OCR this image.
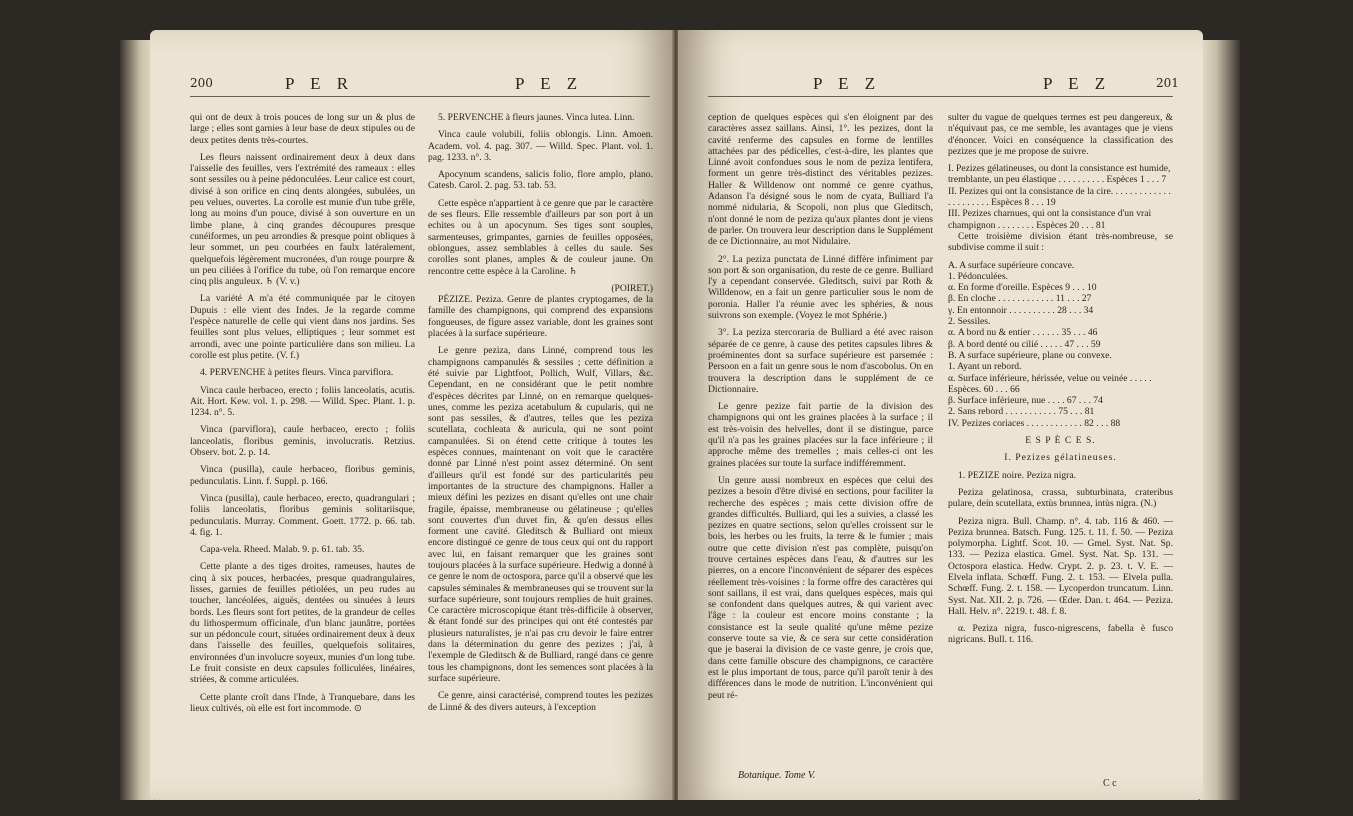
200	P E R	P E Z

qui ont de deux à trois pouces de long sur un & plus de large ; elles sont garnies à leur base de deux stipules ou de deux petites dents très-courtes.

Les fleurs naissent ordinairement deux à deux dans l'aisselle des feuilles, vers l'extrémité des rameaux : elles sont sessiles ou à peine pédonculées. Leur calice est court, divisé à son orifice en cinq dents alongées, subulées, un peu velues, ouvertes. La corolle est munie d'un tube grêle, long au moins d'un pouce, divisé à son ouverture en un limbe plane, à cinq grandes découpures presque cunéiformes, un peu arrondies & presque point obliques à leur sommet, un peu courbées en faulx latéralement, quelquefois légèrement mucronées, d'un rouge pourpre & un peu ciliées à l'orifice du tube, où l'on remarque encore cinq plis anguleux. ♄ (V. v.)

La variété A m'a été communiquée par le citoyen Dupuis : elle vient des Indes. Je la regarde comme l'espèce naturelle de celle qui vient dans nos jardins. Ses feuilles sont plus velues, elliptiques ; leur sommet est arrondi, avec une pointe particulière dans son milieu. La corolle est plus petite. (V. f.)

4. PERVENCHE à petites fleurs. Vinca parviflora.

Vinca caule herbaceo, erecto ; foliis lanceolatis, acutis. Ait. Hort. Kew. vol. 1. p. 298. — Willd. Spec. Plant. 1. p. 1234. n°. 5.

Vinca (parviflora), caule herbaceo, erecto ; foliis lanceolatis, floribus geminis, involucratis. Retzius. Observ. bot. 2. p. 14.

Vinca (pusilla), caule herbaceo, floribus geminis, pedunculatis. Linn. f. Suppl. p. 166.

Vinca (pusilla), caule herbaceo, erecto, quadrangulari ; foliis lanceolatis, floribus geminis solitariisque, pedunculatis. Murray. Comment. Goett. 1772. p. 66. tab. 4. fig. 1.

Capa-vela. Rheed. Malab. 9. p. 61. tab. 35.

Cette plante a des tiges droites, rameuses, hautes de cinq à six pouces, herbacées, presque quadrangulaires, lisses, garnies de feuilles pétiolées, un peu rudes au toucher, lancéolées, aiguës, dentées ou sinuées à leurs bords. Les fleurs sont fort petites, de la grandeur de celles du lithospermum officinale, d'un blanc jaunâtre, portées sur un pédoncule court, situées ordinairement deux à deux dans l'aisselle des feuilles, quelquefois solitaires, environnées d'un involucre soyeux, munies d'un long tube. Le fruit consiste en deux capsules folliculées, linéaires, striées, & comme articulées.

Cette plante croît dans l'Inde, à Tranquebare, dans les lieux cultivés, où elle est fort incommode. ⊙

5. PERVENCHE à fleurs jaunes. Vinca lutea. Linn.

Vinca caule volubili, foliis oblongis. Linn. Amoen. Academ. vol. 4. pag. 307. — Willd. Spec. Plant. vol. 1. pag. 1233. n°. 3.

Apocynum scandens, salicis folio, flore amplo, plano. Catesb. Carol. 2. pag. 53. tab. 53.

Cette espèce n'appartient à ce genre que par le caractère de ses fleurs. Elle ressemble d'ailleurs par son port à un echites ou à un apocynum. Ses tiges sont souples, sarmenteuses, grimpantes, garnies de feuilles opposées, oblongues, assez semblables à celles du saule. Ses corolles sont planes, amples & de couleur jaune. On rencontre cette espèce à la Caroline. ♄

(POIRET.)

PÉZIZE. Peziza. Genre de plantes cryptogames, de la famille des champignons, qui comprend des expansions fongueuses, de figure assez variable, dont les graines sont placées à la surface supérieure.

Le genre peziza, dans Linné, comprend tous les champignons campanulés & sessiles ; cette définition a été suivie par Lightfoot, Pollich, Wulf, Villars, &c. Cependant, en ne considérant que le petit nombre d'espèces décrites par Linné, on en remarque quelques-unes, comme les peziza acetabulum & cupularis, qui ne sont pas sessiles, & d'autres, telles que les peziza scutellata, cochleata & auricula, qui ne sont point campanulées. Si on étend cette critique à toutes les espèces connues, maintenant on voit que le caractère donné par Linné n'est point assez déterminé. On sent d'ailleurs qu'il est fondé sur des particularités peu importantes de la structure des champignons. Haller a mieux défini les pezizes en disant qu'elles ont une chair fragile, épaisse, membraneuse ou gélatineuse ; qu'elles sont couvertes d'un duvet fin, & qu'en dessus elles forment une cavité. Gleditsch & Bulliard ont mieux encore distingué ce genre de tous ceux qui ont du rapport avec lui, en faisant remarquer que les graines sont toujours placées à la surface supérieure. Hedwig a donné à ce genre le nom de octospora, parce qu'il a observé que les capsules séminales & membraneuses qui se trouvent sur la surface supérieure, sont toujours remplies de huit graines. Ce caractère microscopique étant très-difficile à observer, & étant fondé sur des principes qui ont été contestés par plusieurs naturalistes, je n'ai pas cru devoir le faire entrer dans la détermination du genre des pezizes ; j'ai, à l'exemple de Gleditsch & de Bulliard, rangé dans ce genre tous les champignons, dont les semences sont placées à la surface supérieure.

Ce genre, ainsi caractérisé, comprend toutes les pezizes de Linné & des divers auteurs, à l'exception

P E Z	P E Z	201

ception de quelques espèces qui s'en éloignent par des caractères assez saillans. Ainsi, 1°. les pezizes, dont la cavité renferme des capsules en forme de lentilles attachées par des pédicelles, c'est-à-dire, les plantes que Linné avoit confondues sous le nom de peziza lentifera, forment un genre très-distinct des véritables pezizes. Haller & Willdenow ont nommé ce genre cyathus, Adanson l'a désigné sous le nom de cyata, Bulliard l'a nommé nidularia, & Scopoli, non plus que Gleditsch, n'ont donné le nom de peziza qu'aux plantes dont je viens de parler. On trouvera leur description dans le Supplément de ce Dictionnaire, au mot Nidulaire.

2°. La peziza punctata de Linné diffère infiniment par son port & son organisation, du reste de ce genre. Bulliard l'y a cependant conservée. Gleditsch, suivi par Roth & Willdenow, en a fait un genre particulier sous le nom de poronia. Haller l'a réunie avec les sphéries, & nous suivrons son exemple. (Voyez le mot Sphérie.)

3°. La peziza stercoraria de Bulliard a été avec raison séparée de ce genre, à cause des petites capsules libres & proéminentes dont sa surface supérieure est parsemée : Persoon en a fait un genre sous le nom d'ascobolus. On en trouvera la description dans le supplément de ce Dictionnaire.

Le genre pezize fait partie de la division des champignons qui ont les graines placées à la surface ; il est très-voisin des helvelles, dont il se distingue, parce qu'il n'a pas les graines placées sur la face inférieure ; il approche même des tremelles ; mais celles-ci ont les graines placées sur toute la surface indifféremment.

Un genre aussi nombreux en espèces que celui des pezizes a besoin d'être divisé en sections, pour faciliter la recherche des espèces ; mais cette division offre de grandes difficultés. Bulliard, qui les a suivies, a classé les pezizes en quatre sections, selon qu'elles croissent sur le bois, les herbes ou les fruits, la terre & le fumier ; mais outre que cette division n'est pas complète, puisqu'on trouve certaines espèces dans l'eau, & d'autres sur les pierres, on a encore l'inconvénient de séparer des espèces réellement très-voisines : la forme offre des caractères qui sont saillans, il est vrai, dans quelques espèces, mais qui se confondent dans quelques autres, & qui varient avec l'âge : la couleur est encore moins constante ; la consistance est la seule qualité qu'une même pezize conserve toute sa vie, & ce sera sur cette considération que je baserai la division de ce vaste genre, je crois que, dans cette famille obscure des champignons, ce caractère est le plus important de tous, parce qu'il paroît tenir à des différences dans le mode de nutrition. L'inconvénient qui peut ré-

sulter du vague de quelques termes est peu dangereux, & n'équivaut pas, ce me semble, les avantages que je viens d'énoncer. Voici en conséquence la classification des pezizes que je me propose de suivre.

I. Pezizes gélatineuses, ou dont la consistance est humide, tremblante, un peu élastique . . . . . . . . . . Espèces 1 . . . 7

II. Pezizes qui ont la consistance de la cire. . . . . . . . . . . . . . . . . . . . . . Espèces 8 . . . 19

III. Pezizes charnues, qui ont la consistance d'un vrai champignon . . . . . . . . Espèces 20 . . . 81

Cette troisième division étant très-nombreuse, se subdivise comme il suit :

A. A surface supérieure concave.

1. Pédonculées.

α. En forme d'oreille. Espèces 9 . . . 10

β. En cloche . . . . . . . . . . . . 11 . . . 27

γ. En entonnoir . . . . . . . . . . 28 . . . 34

2. Sessiles.

α. A bord nu & entier . . . . . . 35 . . . 46

β. A bord denté ou cilié . . . . . 47 . . . 59

B. A surface supérieure, plane ou convexe.

1. Ayant un rebord.

α. Surface inférieure, hérissée, velue ou veinée . . . . . Espèces. 60 . . . 66

β. Surface inférieure, nue . . . . 67 . . . 74

2. Sans rebord . . . . . . . . . . . 75 . . . 81

IV. Pezizes coriaces . . . . . . . . . . . . 82 . . . 88

E S P È C E S.

I. Pezizes gélatineuses.

1. PEZIZE noire. Peziza nigra.

Peziza gelatinosa, crassa, subturbinata, crateribus pulare, deín scutellata, extùs brunnea, intùs nigra. (N.)

Peziza nigra. Bull. Champ. n°. 4. tab. 116 & 460. — Peziza brunnea. Batsch. Fung. 125. t. 11. f. 50. — Peziza polymorpha. Lightf. Scot. 10. — Gmel. Syst. Nat. Sp. 133. — Peziza elastica. Gmel. Syst. Nat. Sp. 131. — Octospora elastica. Hedw. Crypt. 2. p. 23. t. V. E. — Elvela inflata. Schœff. Fung. 2. t. 153. — Elvela pulla. Schœff. Fung. 2. t. 158. — Lycoperdon truncatum. Linn. Syst. Nat. XII. 2. p. 726. — Œder. Dan. t. 464. — Peziza. Hall. Helv. n°. 2219. t. 48. f. 8.

α. Peziza nigra, fusco-nigrescens, fabella è fusco nigricans. Bull. t. 116.

Botanique. Tome V.
C c
